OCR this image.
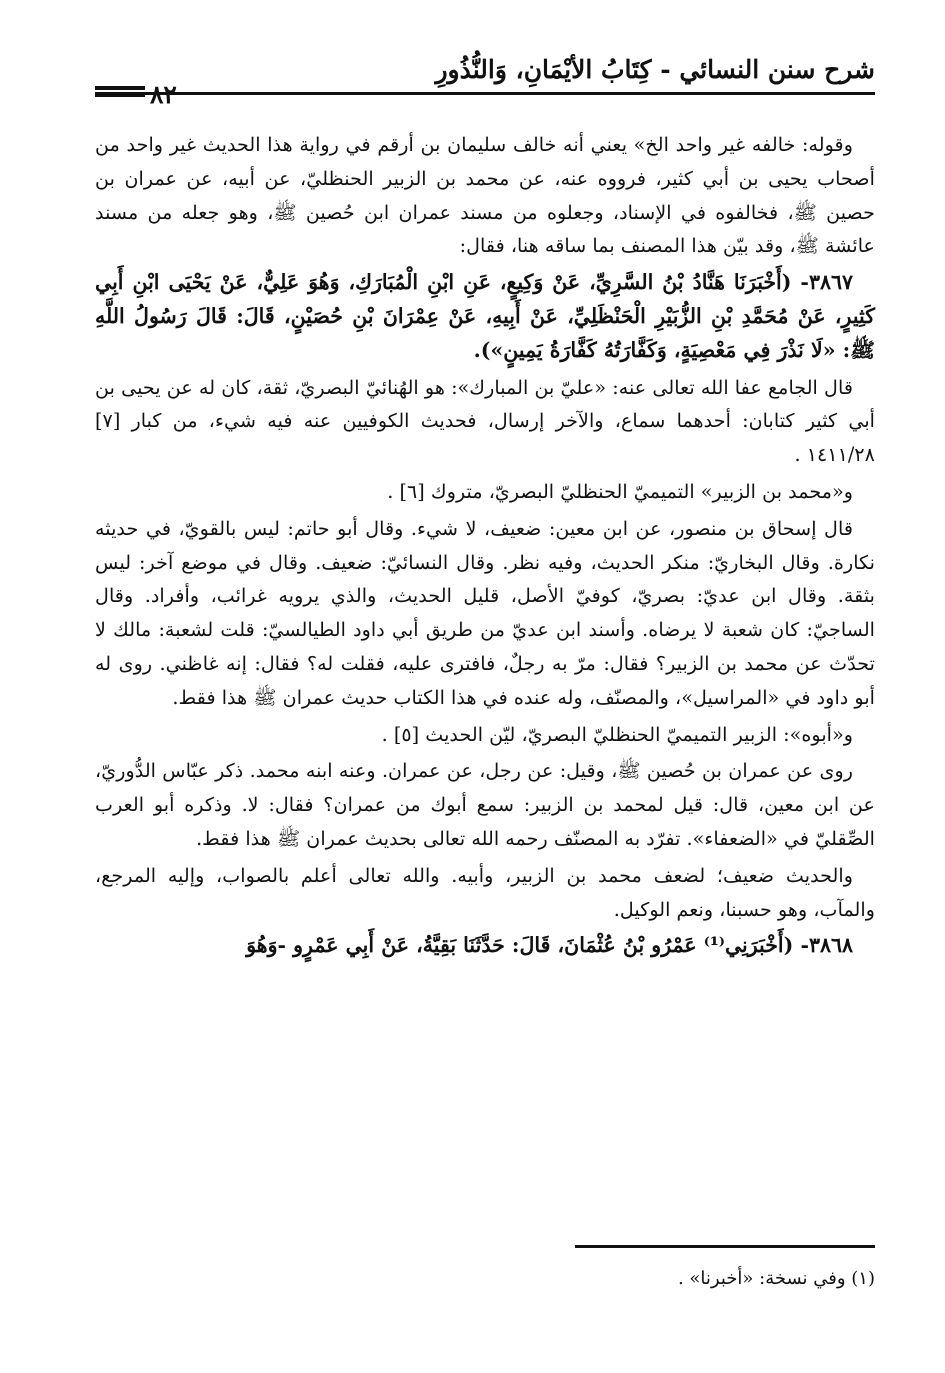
شرح سنن النسائي - كِتَابُ الأيْمَانِ، وَالنُّذُورِ
٨٢

وقوله: خالفه غير واحد الخ» يعني أنه خالف سليمان بن أرقم في رواية هذا الحديث غير واحد من أصحاب يحيى بن أبي كثير، فرووه عنه، عن محمد بن الزبير الحنظليّ، عن أبيه، عن عمران بن حصين ﷺ، فخالفوه في الإسناد، وجعلوه من مسند عمران ابن حُصين ﷺ، وهو جعله من مسند عائشة ﷺ، وقد بيّن هذا المصنف بما ساقه هنا، فقال:

٣٨٦٧- (أَخْبَرَنَا هَنَّادُ بْنُ السَّرِيِّ، عَنْ وَكِيعٍ، عَنِ ابْنِ الْمُبَارَكِ، وَهُوَ عَلِيٌّ، عَنْ يَحْيَى ابْنِ أَبِي كَثِيرٍ، عَنْ مُحَمَّدِ بْنِ الزُّبَيْرِ الْحَنْظَلِيِّ، عَنْ أَبِيهِ، عَنْ عِمْرَانَ بْنِ حُصَيْنٍ، قَالَ: قَالَ رَسُولُ اللَّهِ ﷺ: «لَا نَذْرَ فِي مَعْصِيَةٍ، وَكَفَّارَتُهُ كَفَّارَةُ يَمِينٍ»).

قال الجامع عفا الله تعالى عنه: «عليّ بن المبارك»: هو الهُنائيّ البصريّ، ثقة، كان له عن يحيى بن أبي كثير كتابان: أحدهما سماع، والآخر إرسال، فحديث الكوفيين عنه فيه شيء، من كبار [٧] ١٤١١/٢٨ .

و«محمد بن الزبير» التميميّ الحنظليّ البصريّ، متروك [٦] .

قال إسحاق بن منصور، عن ابن معين: ضعيف، لا شيء. وقال أبو حاتم: ليس بالقويّ، في حديثه نكارة. وقال البخاريّ: منكر الحديث، وفيه نظر. وقال النسائيّ: ضعيف. وقال في موضع آخر: ليس بثقة. وقال ابن عديّ: بصريّ، كوفيّ الأصل، قليل الحديث، والذي يرويه غرائب، وأفراد. وقال الساجيّ: كان شعبة لا يرضاه. وأسند ابن عديّ من طريق أبي داود الطيالسيّ: قلت لشعبة: مالك لا تحدّث عن محمد بن الزبير؟ فقال: مرّ به رجلٌ، فافترى عليه، فقلت له؟ فقال: إنه غاظني. روى له أبو داود في «المراسيل»، والمصنّف، وله عنده في هذا الكتاب حديث عمران ﷺ هذا فقط.

و«أبوه»: الزبير التميميّ الحنظليّ البصريّ، ليّن الحديث [٥] .

روى عن عمران بن حُصين ﷺ، وقيل: عن رجل، عن عمران. وعنه ابنه محمد. ذكر عبّاس الدُّوريّ، عن ابن معين، قال: قيل لمحمد بن الزبير: سمع أبوك من عمران؟ فقال: لا. وذكره أبو العرب الصِّقليّ في «الضعفاء». تفرّد به المصنّف رحمه الله تعالى بحديث عمران ﷺ هذا فقط.

والحديث ضعيف؛ لضعف محمد بن الزبير، وأبيه. والله تعالى أعلم بالصواب، وإليه المرجع، والمآب، وهو حسبنا، ونعم الوكيل.

٣٨٦٨- (أَخْبَرَنِي⁽¹⁾ عَمْرُو بْنُ عُثْمَانَ، قَالَ: حَدَّثَنَا بَقِيَّةُ، عَنْ أَبِي عَمْرٍو -وَهُوَ

(١) وفي نسخة: «أخبرنا» .
